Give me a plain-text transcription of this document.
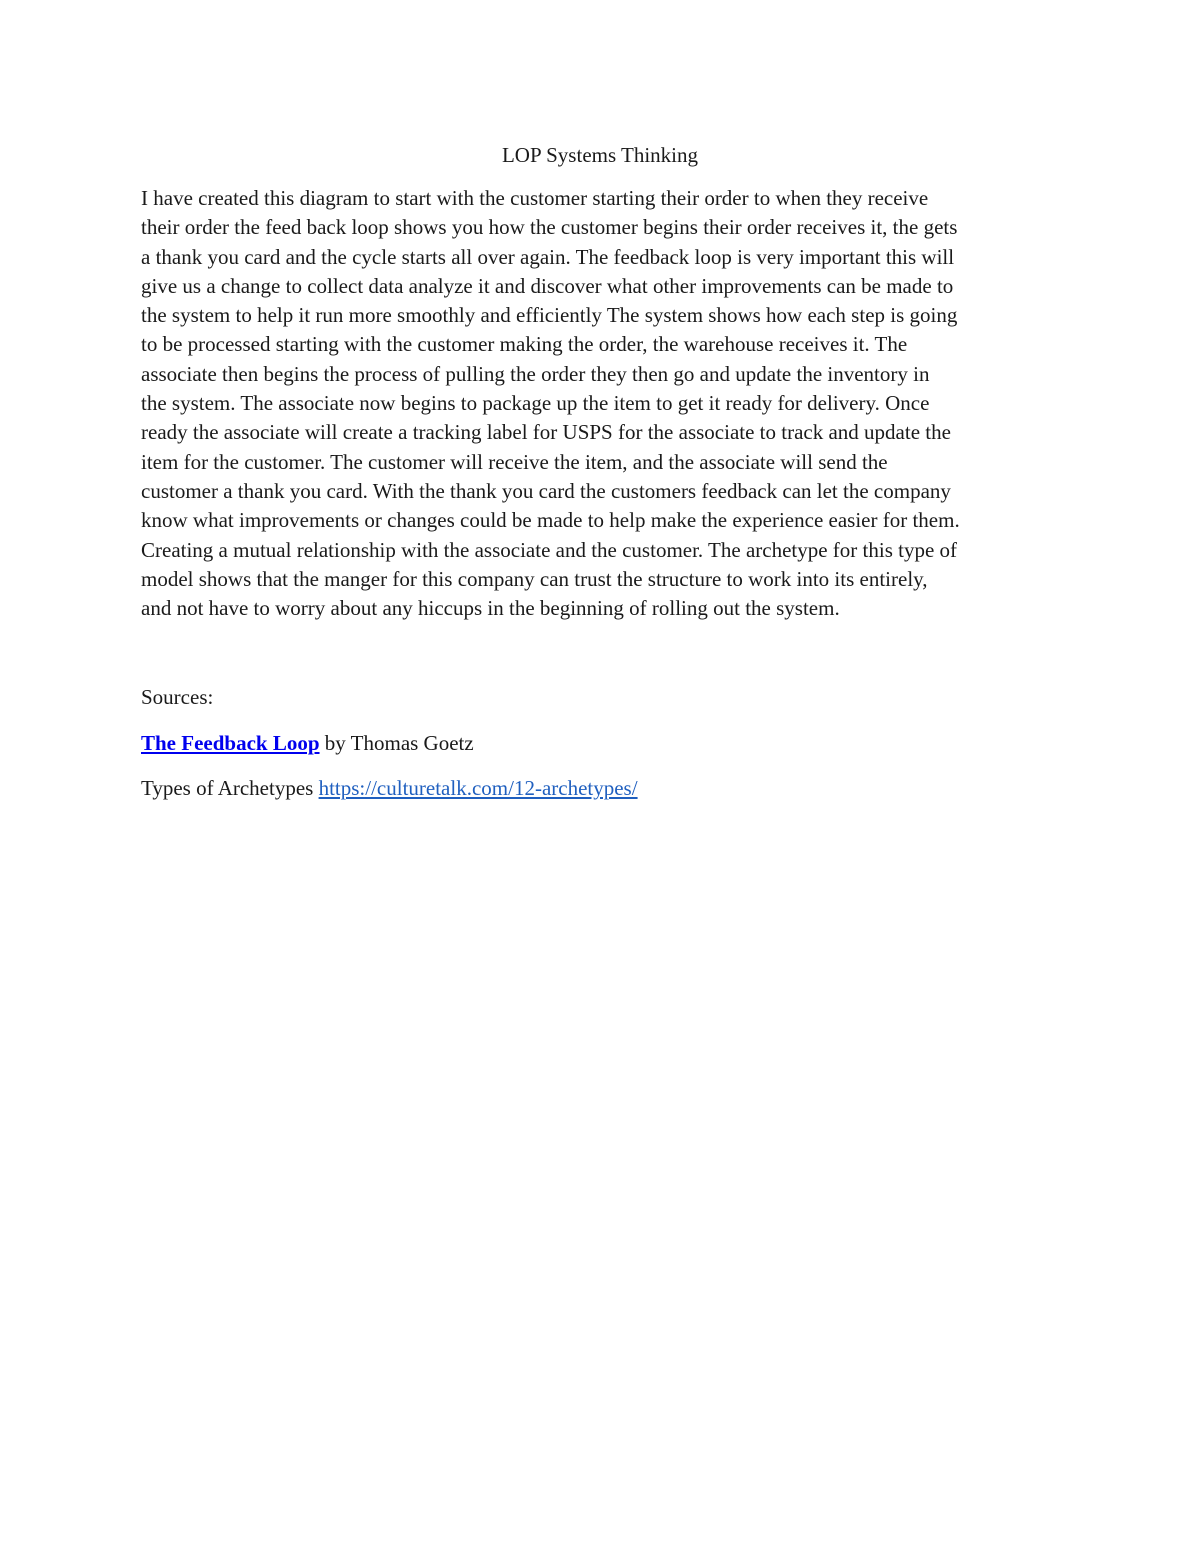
LOP Systems Thinking

I have created this diagram to start with the customer starting their order to when they receive
their order the feed back loop shows you how the customer begins their order receives it, the gets
a thank you card and the cycle starts all over again. The feedback loop is very important this will
give us a change to collect data analyze it and discover what other improvements can be made to
the system to help it run more smoothly and efficiently The system shows how each step is going
to be processed starting with the customer making the order, the warehouse receives it. The
associate then begins the process of pulling the order they then go and update the inventory in
the system. The associate now begins to package up the item to get it ready for delivery. Once
ready the associate will create a tracking label for USPS for the associate to track and update the
item for the customer. The customer will receive the item, and the associate will send the
customer a thank you card. With the thank you card the customers feedback can let the company
know what improvements or changes could be made to help make the experience easier for them.
Creating a mutual relationship with the associate and the customer. The archetype for this type of
model shows that the manger for this company can trust the structure to work into its entirely,
and not have to worry about any hiccups in the beginning of rolling out the system.

Sources:

The Feedback Loop by Thomas Goetz

Types of Archetypes https://culturetalk.com/12-archetypes/
